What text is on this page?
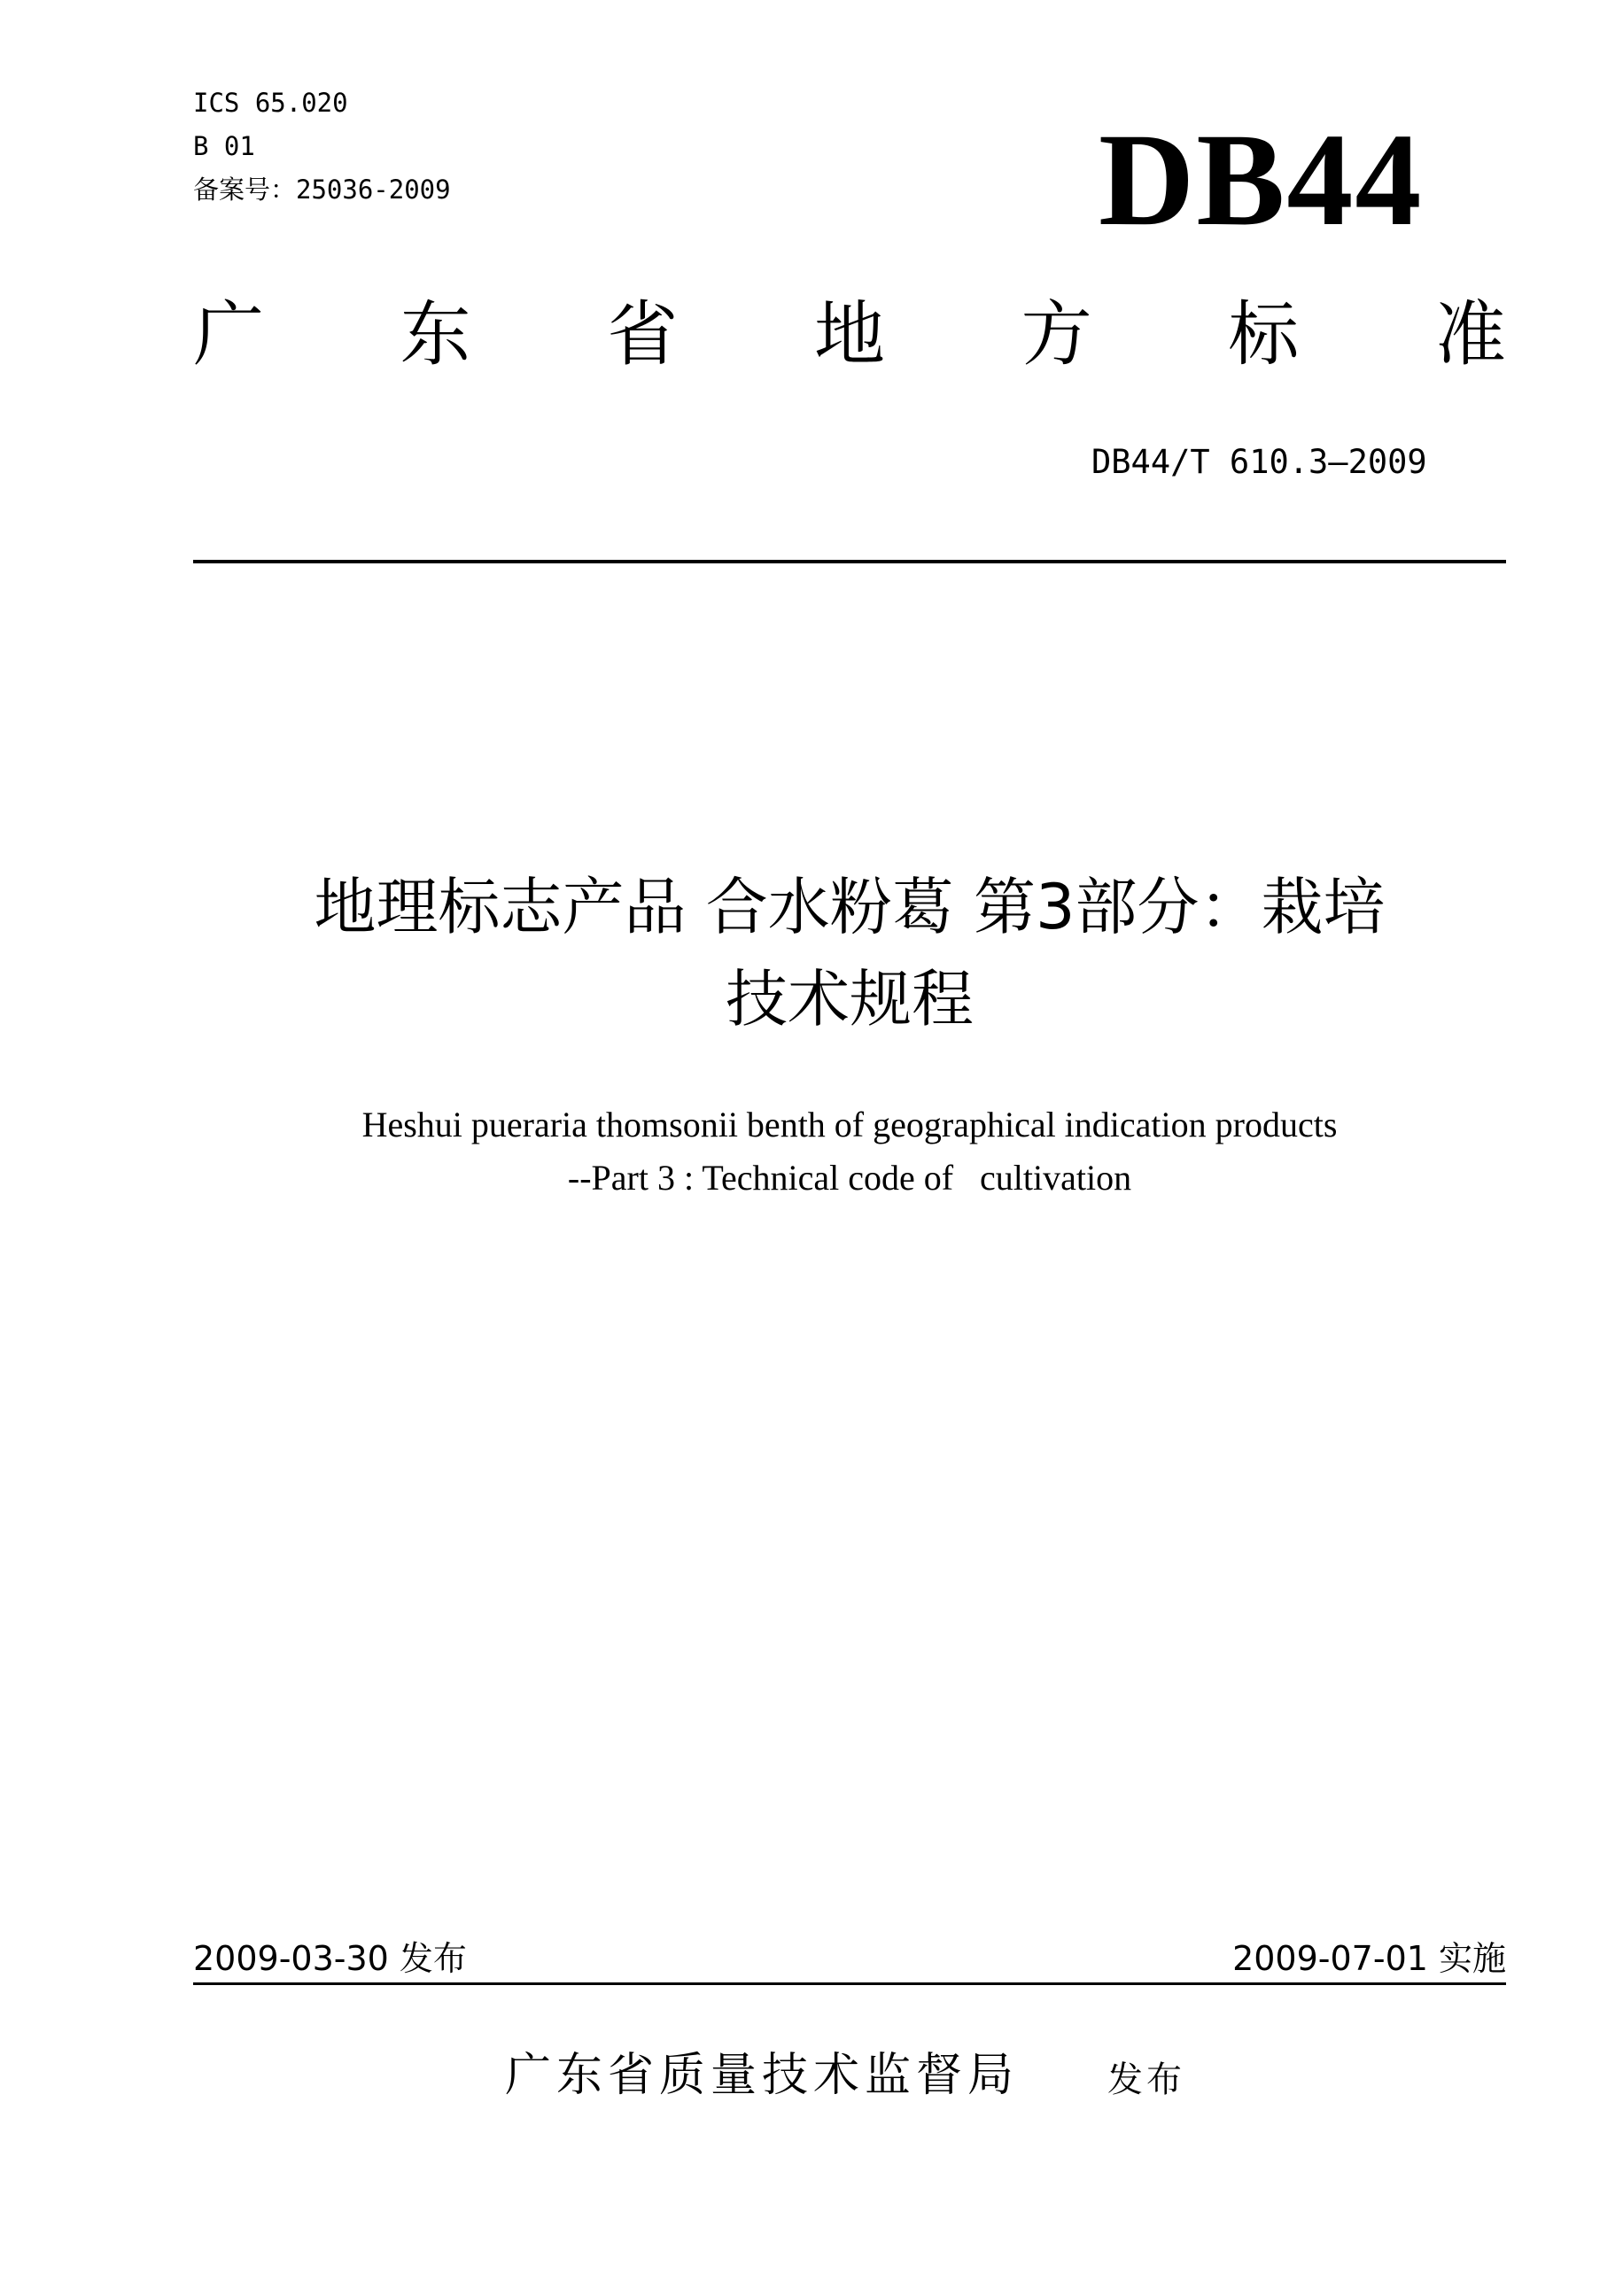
ICS 65.020
B 01
备案号：25036-2009	DB44
广 东 省 地 方 标 准
DB44/T 610.3—2009
地理标志产品 合水粉葛 第3部分：栽培
技术规程
Heshui pueraria thomsonii benth of geographical indication products
--Part 3 : Technical code of   cultivation
2009-03-30 发布	2009-07-01 实施
广东省质量技术监督局 发布
